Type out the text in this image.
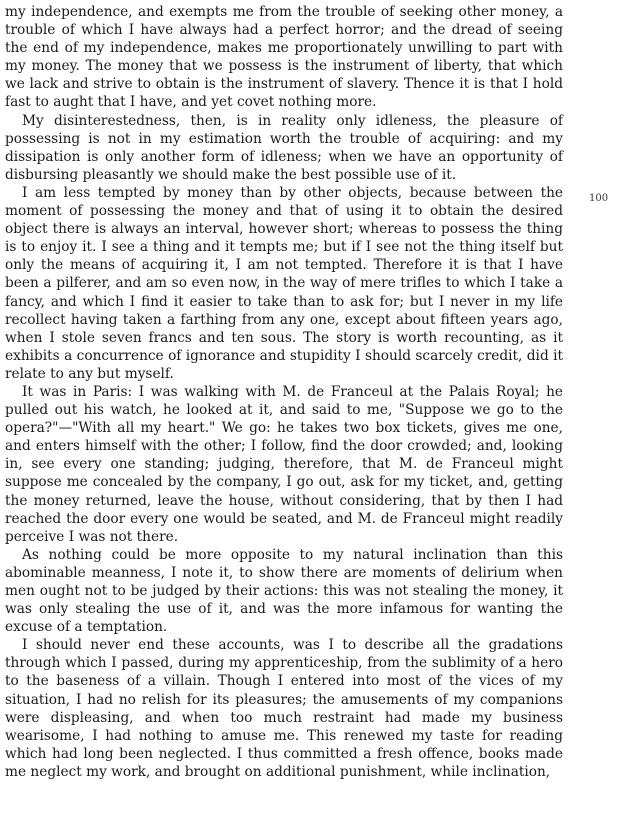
my independence, and exempts me from the trouble of seeking other money, a trouble of which I have always had a perfect horror; and the dread of seeing the end of my independence, makes me proportionately unwilling to part with my money. The money that we possess is the instrument of liberty, that which we lack and strive to obtain is the instrument of slavery. Thence it is that I hold fast to aught that I have, and yet covet nothing more.

My disinterestedness, then, is in reality only idleness, the pleasure of possessing is not in my estimation worth the trouble of acquiring: and my dissipation is only another form of idleness; when we have an opportunity of disbursing pleasantly we should make the best possible use of it.

I am less tempted by money than by other objects, because between the moment of possessing the money and that of using it to obtain the desired object there is always an interval, however short; whereas to possess the thing is to enjoy it. I see a thing and it tempts me; but if I see not the thing itself but only the means of acquiring it, I am not tempted. Therefore it is that I have been a pilferer, and am so even now, in the way of mere trifles to which I take a fancy, and which I find it easier to take than to ask for; but I never in my life recollect having taken a farthing from any one, except about fifteen years ago, when I stole seven francs and ten sous. The story is worth recounting, as it exhibits a concurrence of ignorance and stupidity I should scarcely credit, did it relate to any but myself.

It was in Paris: I was walking with M. de Franceul at the Palais Royal; he pulled out his watch, he looked at it, and said to me, "Suppose we go to the opera?"—"With all my heart." We go: he takes two box tickets, gives me one, and enters himself with the other; I follow, find the door crowded; and, looking in, see every one standing; judging, therefore, that M. de Franceul might suppose me concealed by the company, I go out, ask for my ticket, and, getting the money returned, leave the house, without considering, that by then I had reached the door every one would be seated, and M. de Franceul might readily perceive I was not there.

As nothing could be more opposite to my natural inclination than this abominable meanness, I note it, to show there are moments of delirium when men ought not to be judged by their actions: this was not stealing the money, it was only stealing the use of it, and was the more infamous for wanting the excuse of a temptation.

I should never end these accounts, was I to describe all the gradations through which I passed, during my apprenticeship, from the sublimity of a hero to the baseness of a villain. Though I entered into most of the vices of my situation, I had no relish for its pleasures; the amusements of my companions were displeasing, and when too much restraint had made my business wearisome, I had nothing to amuse me. This renewed my taste for reading which had long been neglected. I thus committed a fresh offence, books made me neglect my work, and brought on additional punishment, while inclination,

100
